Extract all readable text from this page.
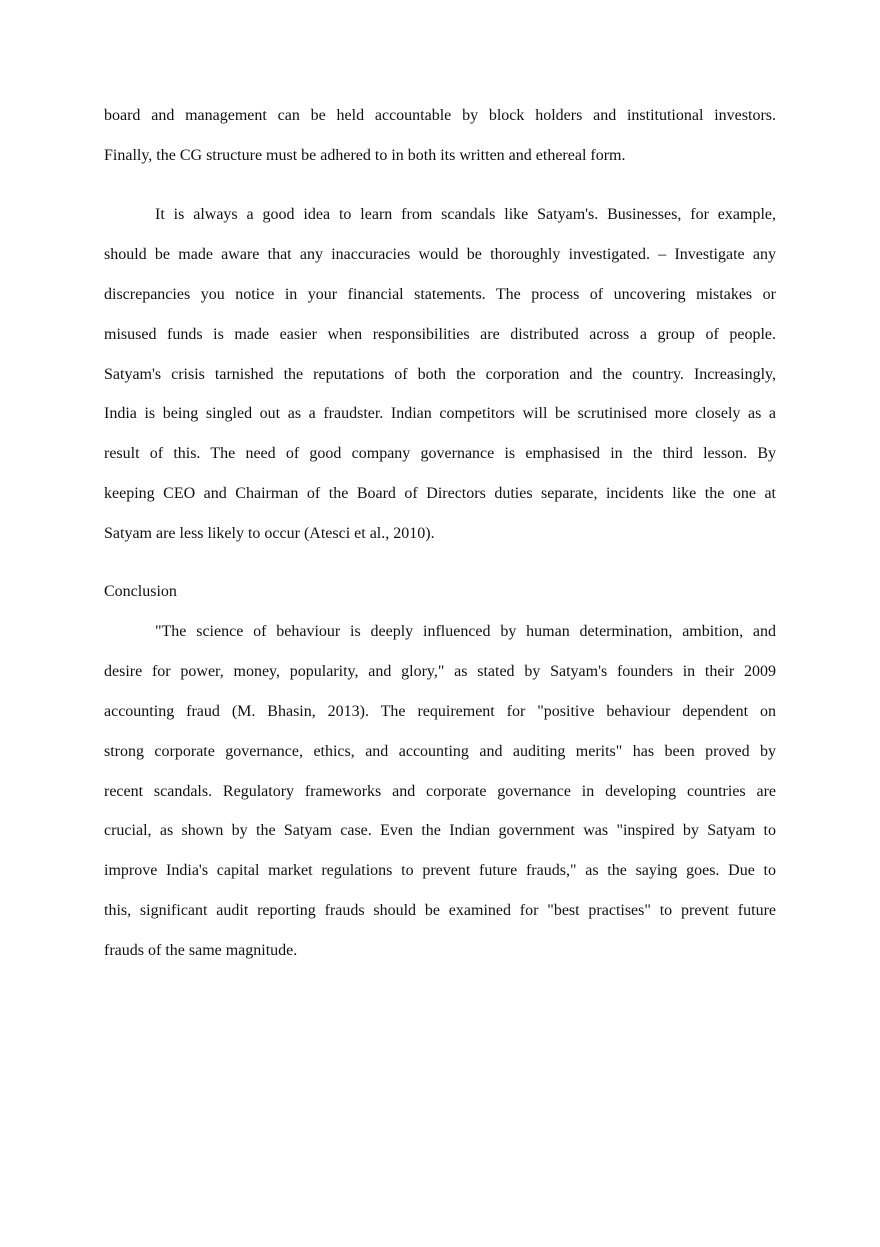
board and management can be held accountable by block holders and institutional investors.
Finally, the CG structure must be adhered to in both its written and ethereal form.
It is always a good idea to learn from scandals like Satyam's. Businesses, for example,
should be made aware that any inaccuracies would be thoroughly investigated. – Investigate any
discrepancies you notice in your financial statements. The process of uncovering mistakes or
misused funds is made easier when responsibilities are distributed across a group of people.
Satyam's crisis tarnished the reputations of both the corporation and the country. Increasingly,
India is being singled out as a fraudster. Indian competitors will be scrutinised more closely as a
result of this. The need of good company governance is emphasised in the third lesson. By
keeping CEO and Chairman of the Board of Directors duties separate, incidents like the one at
Satyam are less likely to occur (Atesci et al., 2010).
Conclusion
"The science of behaviour is deeply influenced by human determination, ambition, and
desire for power, money, popularity, and glory," as stated by Satyam's founders in their 2009
accounting fraud (M. Bhasin, 2013). The requirement for "positive behaviour dependent on
strong corporate governance, ethics, and accounting and auditing merits" has been proved by
recent scandals. Regulatory frameworks and corporate governance in developing countries are
crucial, as shown by the Satyam case. Even the Indian government was "inspired by Satyam to
improve India's capital market regulations to prevent future frauds," as the saying goes. Due to
this, significant audit reporting frauds should be examined for "best practises" to prevent future
frauds of the same magnitude.
